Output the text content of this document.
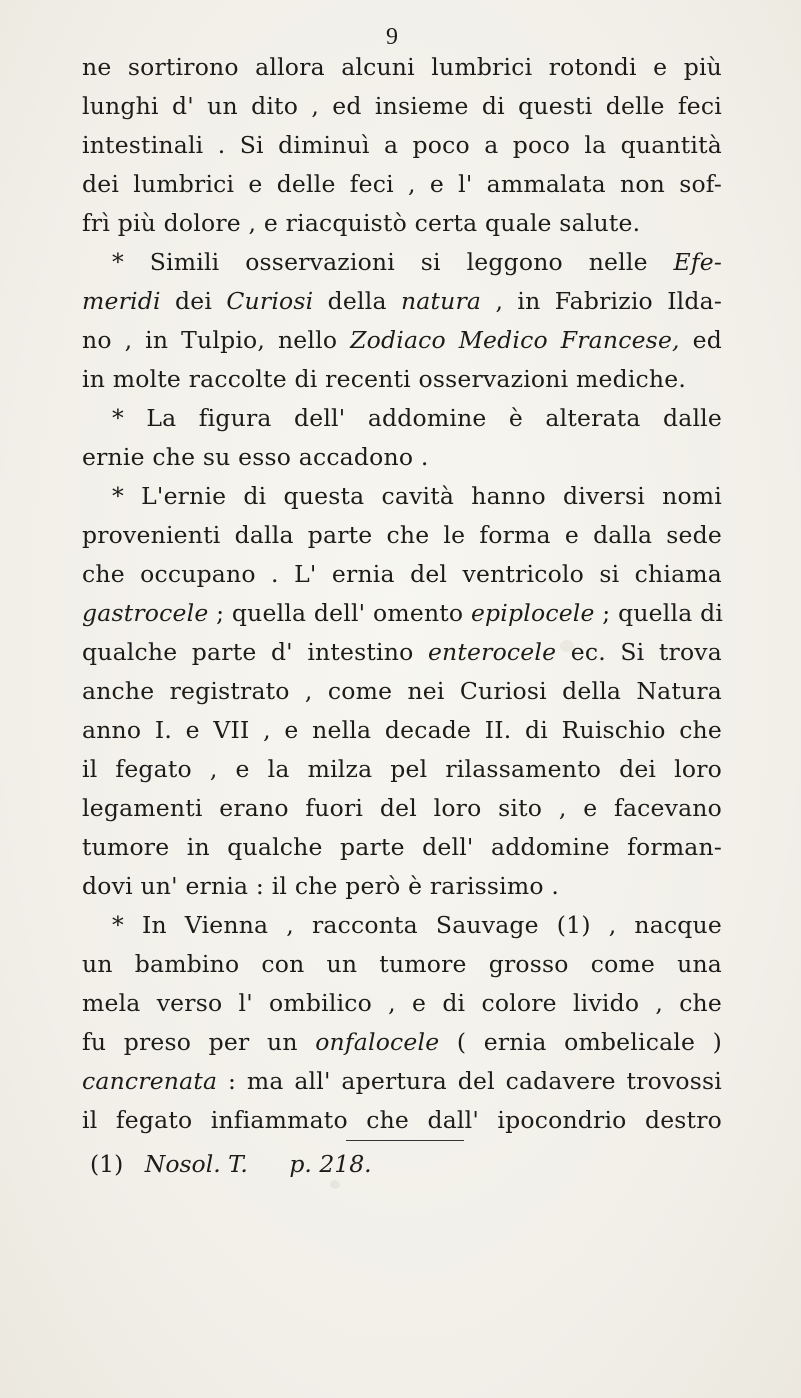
9
ne sortirono allora alcuni lumbrici rotondi e più
lunghi d' un dito , ed insieme di questi delle feci
intestinali . Si diminuì a poco a poco la quantità
dei lumbrici e delle feci , e l' ammalata non sof-
frì più dolore , e riacquistò certa quale salute.
* Simili osservazioni si leggono nelle Efe-
meridi dei Curiosi della natura , in Fabrizio Ilda-
no , in Tulpio, nello Zodiaco Medico Francese, ed
in molte raccolte di recenti osservazioni mediche.
* La figura dell' addomine è alterata dalle
ernie che su esso accadono .
* L'ernie di questa cavità hanno diversi nomi
provenienti dalla parte che le forma e dalla sede
che occupano . L' ernia del ventricolo si chiama
gastrocele ; quella dell' omento epiplocele ; quella di
qualche parte d' intestino enterocele ec. Si trova
anche registrato , come nei Curiosi della Natura
anno I. e VII , e nella decade II. di Ruischio che
il fegato , e la milza pel rilassamento dei loro
legamenti erano fuori del loro sito , e facevano
tumore in qualche parte dell' addomine forman-
dovi un' ernia : il che però è rarissimo .
* In Vienna , racconta Sauvage (1) , nacque
un bambino con un tumore grosso come una
mela verso l' ombilico , e di colore livido , che
fu preso per un onfalocele ( ernia ombelicale )
cancrenata : ma all' apertura del cadavere trovossi
il fegato infiammato che dall' ipocondrio destro
(1) Nosol. T. p. 218.
